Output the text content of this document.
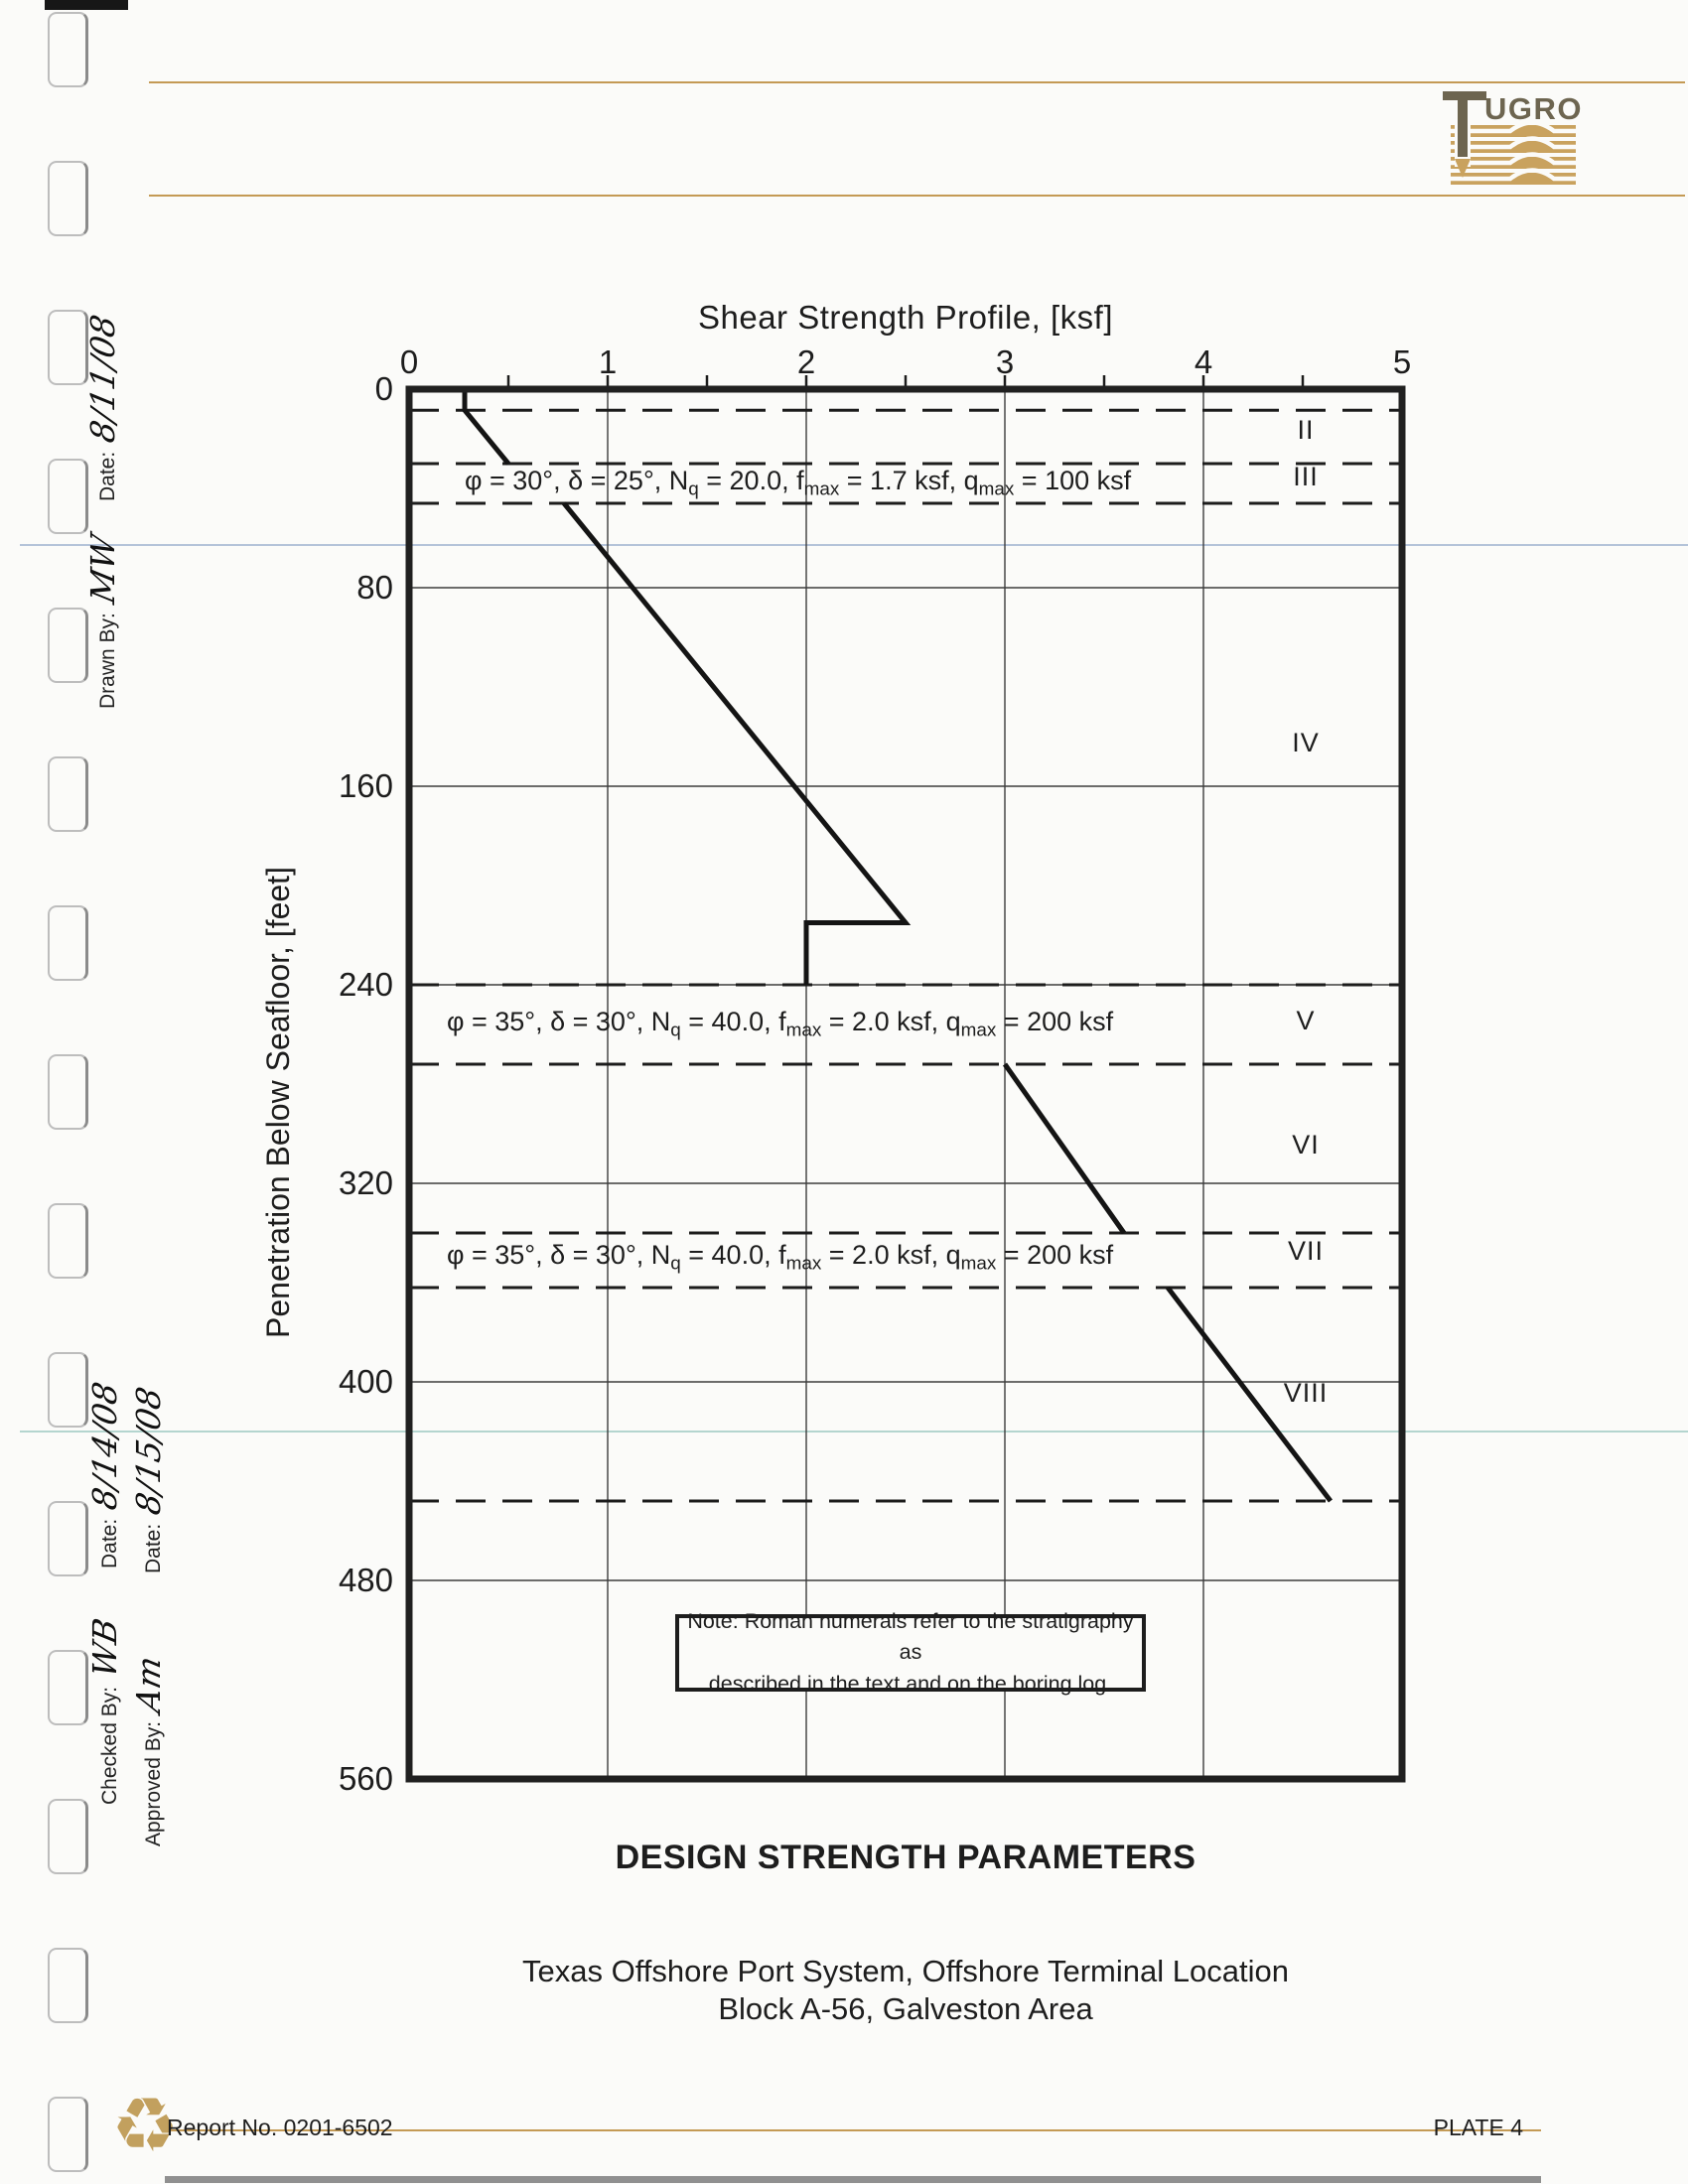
♻
UGRO
Shear Strength Profile, [ksf]
Penetration Below Seafloor, [feet]
φ = 30°, δ = 25°, $N_q = 20.0$, $f_{max} = 1.7$ ksf, $q_{max} = 100$ ksf
φ = 35°, δ = 30°, $N_q = 40.0$, $f_{max} = 2.0$ ksf, $q_{max} = 200$ ksf
φ = 35°, δ = 30°, $N_q = 40.0$, $f_{max} = 2.0$ ksf, $q_{max} = 200$ ksf
Note: Roman numerals refer to the stratigraphy as
described in the text and on the boring log.
DESIGN STRENGTH PARAMETERS
Texas Offshore Port System, Offshore Terminal Location
Block A-56, Galveston Area
Report No. 0201-6502	PLATE 4
Date:
8/11/08
Drawn By:
MW
Date:
8/14/08
Date:
8/15/08
Checked By:
WB
Approved By:
Am
0	1	2	3	4	5
0
80
160
240
320
400
480
560
II
III
IV
V
VI
VII
VIII
